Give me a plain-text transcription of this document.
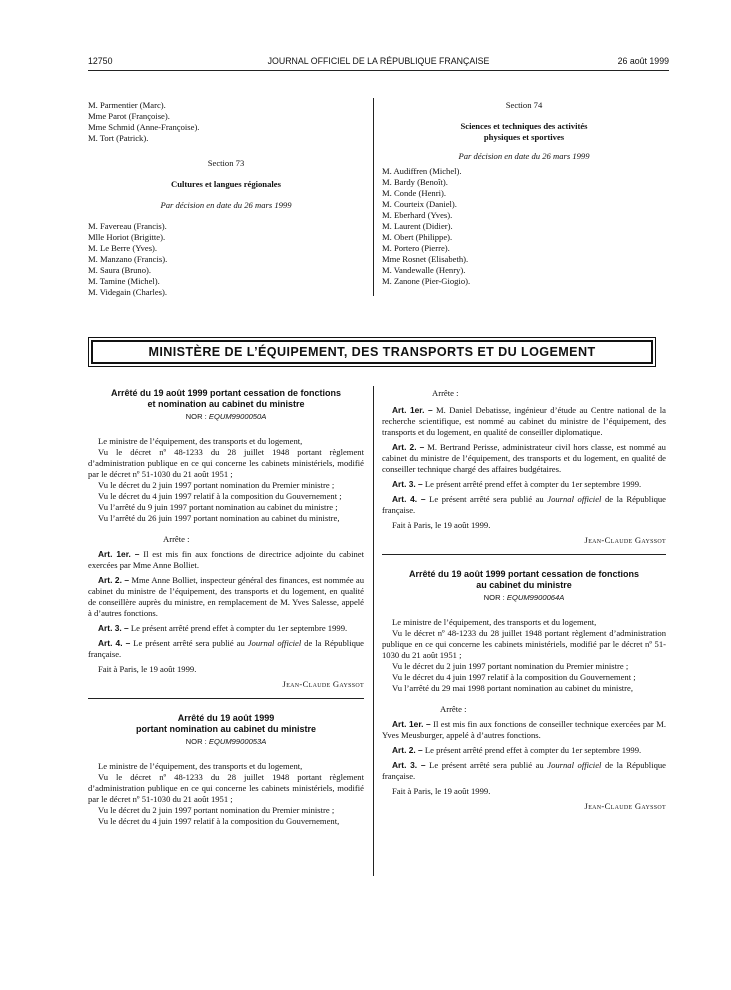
12750	JOURNAL OFFICIEL DE LA RÉPUBLIQUE FRANÇAISE	26 août 1999
M. Parmentier (Marc).
Mme Parot (Françoise).
Mme Schmid (Anne-Françoise).
M. Tort (Patrick).
Section 73
Cultures et langues régionales
Par décision en date du 26 mars 1999
M. Favereau (Francis).
Mlle Horiot (Brigitte).
M. Le Berre (Yves).
M. Manzano (Francis).
M. Saura (Bruno).
M. Tamine (Michel).
M. Videgain (Charles).
Section 74
Sciences et techniques des activités
physiques et sportives
Par décision en date du 26 mars 1999
M. Audiffren (Michel).
M. Bardy (Benoît).
M. Conde (Henri).
M. Courteix (Daniel).
M. Eberhard (Yves).
M. Laurent (Didier).
M. Obert (Philippe).
M. Portero (Pierre).
Mme Rosnet (Elisabeth).
M. Vandewalle (Henry).
M. Zanone (Pier-Giogio).
MINISTÈRE DE L’ÉQUIPEMENT, DES TRANSPORTS ET DU LOGEMENT
Arrêté du 19 août 1999 portant cessation de fonctions
et nomination au cabinet du ministre
NOR : EQUM9900050A

Le ministre de l’équipement, des transports et du logement,

Vu le décret nº 48-1233 du 28 juillet 1948 portant règlement d’administration publique en ce qui concerne les cabinets ministériels, modifié par le décret nº 51-1030 du 21 août 1951 ;

Vu le décret du 2 juin 1997 portant nomination du Premier ministre ;

Vu le décret du 4 juin 1997 relatif à la composition du Gouvernement ;

Vu l’arrêté du 9 juin 1997 portant nomination au cabinet du ministre ;

Vu l’arrêté du 26 juin 1997 portant nomination au cabinet du ministre,

Arrête :

Art. 1er. – Il est mis fin aux fonctions de directrice adjointe du cabinet exercées par Mme Anne Bolliet.

Art. 2. – Mme Anne Bolliet, inspecteur général des finances, est nommée au cabinet du ministre de l’équipement, des transports et du logement, en qualité de conseillère auprès du ministre, en remplacement de M. Yves Salesse, appelé à d’autres fonctions.

Art. 3. – Le présent arrêté prend effet à compter du 1er septembre 1999.

Art. 4. – Le présent arrêté sera publié au Journal officiel de la République française.

Fait à Paris, le 19 août 1999.

Jean-Claude Gayssot
Arrêté du 19 août 1999
portant nomination au cabinet du ministre
NOR : EQUM9900053A

Le ministre de l’équipement, des transports et du logement,

Vu le décret nº 48-1233 du 28 juillet 1948 portant règlement d’administration publique en ce qui concerne les cabinets ministériels, modifié par le décret nº 51-1030 du 21 août 1951 ;

Vu le décret du 2 juin 1997 portant nomination du Premier ministre ;

Vu le décret du 4 juin 1997 relatif à la composition du Gouvernement,

Arrête :

Art. 1er. – M. Daniel Debatisse, ingénieur d’étude au Centre national de la recherche scientifique, est nommé au cabinet du ministre de l’équipement, des transports et du logement, en qualité de conseiller diplomatique.

Art. 2. – M. Bertrand Perisse, administrateur civil hors classe, est nommé au cabinet du ministre de l’équipement, des transports et du logement, en qualité de conseiller technique chargé des affaires budgétaires.

Art. 3. – Le présent arrêté prend effet à compter du 1er septembre 1999.

Art. 4. – Le présent arrêté sera publié au Journal officiel de la République française.

Fait à Paris, le 19 août 1999.

Jean-Claude Gayssot
Arrêté du 19 août 1999 portant cessation de fonctions
au cabinet du ministre
NOR : EQUM9900064A

Le ministre de l’équipement, des transports et du logement,

Vu le décret nº 48-1233 du 28 juillet 1948 portant règlement d’administration publique en ce qui concerne les cabinets ministériels, modifié par le décret nº 51-1030 du 21 août 1951 ;

Vu le décret du 2 juin 1997 portant nomination du Premier ministre ;

Vu le décret du 4 juin 1997 relatif à la composition du Gouvernement ;

Vu l’arrêté du 29 mai 1998 portant nomination au cabinet du ministre,

Arrête :

Art. 1er. – Il est mis fin aux fonctions de conseiller technique exercées par M. Yves Meusburger, appelé à d’autres fonctions.

Art. 2. – Le présent arrêté prend effet à compter du 1er septembre 1999.

Art. 3. – Le présent arrêté sera publié au Journal officiel de la République française.

Fait à Paris, le 19 août 1999.

Jean-Claude Gayssot
